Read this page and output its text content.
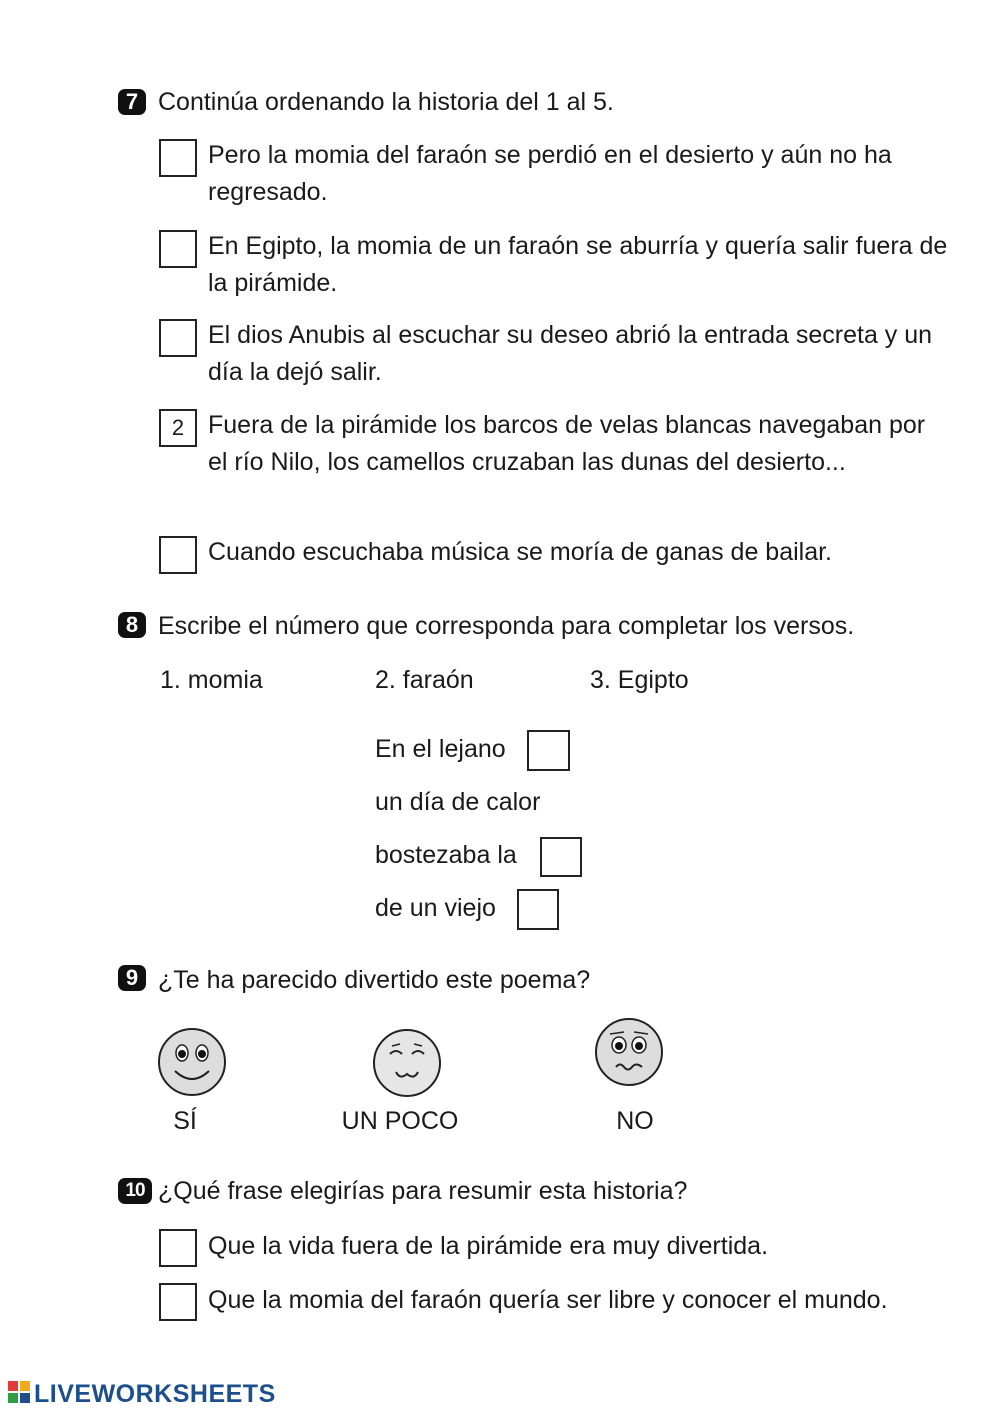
7 Continúa ordenando la historia del 1 al 5.
Pero la momia del faraón se perdió en el desierto y aún no ha regresado.
En Egipto, la momia de un faraón se aburría y quería salir fuera de la pirámide.
El dios Anubis al escuchar su deseo abrió la entrada secreta y un día la dejó salir.
2 Fuera de la pirámide los barcos de velas blancas navegaban por el río Nilo, los camellos cruzaban las dunas del desierto...
Cuando escuchaba música se moría de ganas de bailar.
8 Escribe el número que corresponda para completar los versos.
1. momia	2. faraón	3. Egipto
En el lejano
un día de calor
bostezaba la
de un viejo
9 ¿Te ha parecido divertido este poema?
SÍ	UN POCO	NO
10 ¿Qué frase elegirías para resumir esta historia?
Que la vida fuera de la pirámide era muy divertida.
Que la momia del faraón quería ser libre y conocer el mundo.
LIVEWORKSHEETS
